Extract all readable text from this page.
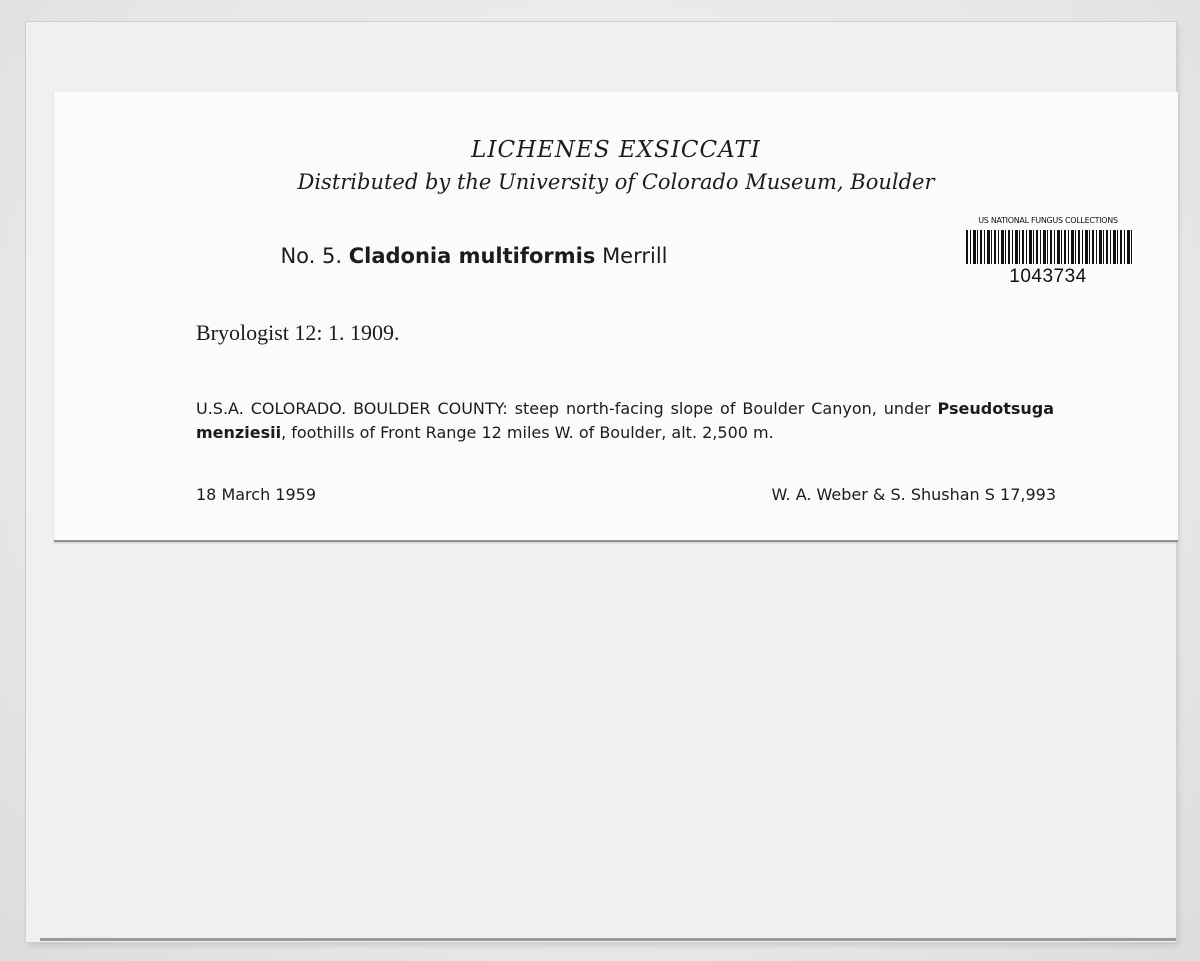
LICHENES EXSICCATI
Distributed by the University of Colorado Museum, Boulder
No. 5. Cladonia multiformis Merrill
US NATIONAL FUNGUS COLLECTIONS
1043734
Bryologist 12: 1. 1909.
U.S.A. COLORADO. BOULDER COUNTY: steep north-facing slope of Boulder Canyon, under Pseudotsuga menziesii, foothills of Front Range 12 miles W. of Boulder, alt. 2,500 m.
18 March 1959	W. A. Weber & S. Shushan S 17,993
